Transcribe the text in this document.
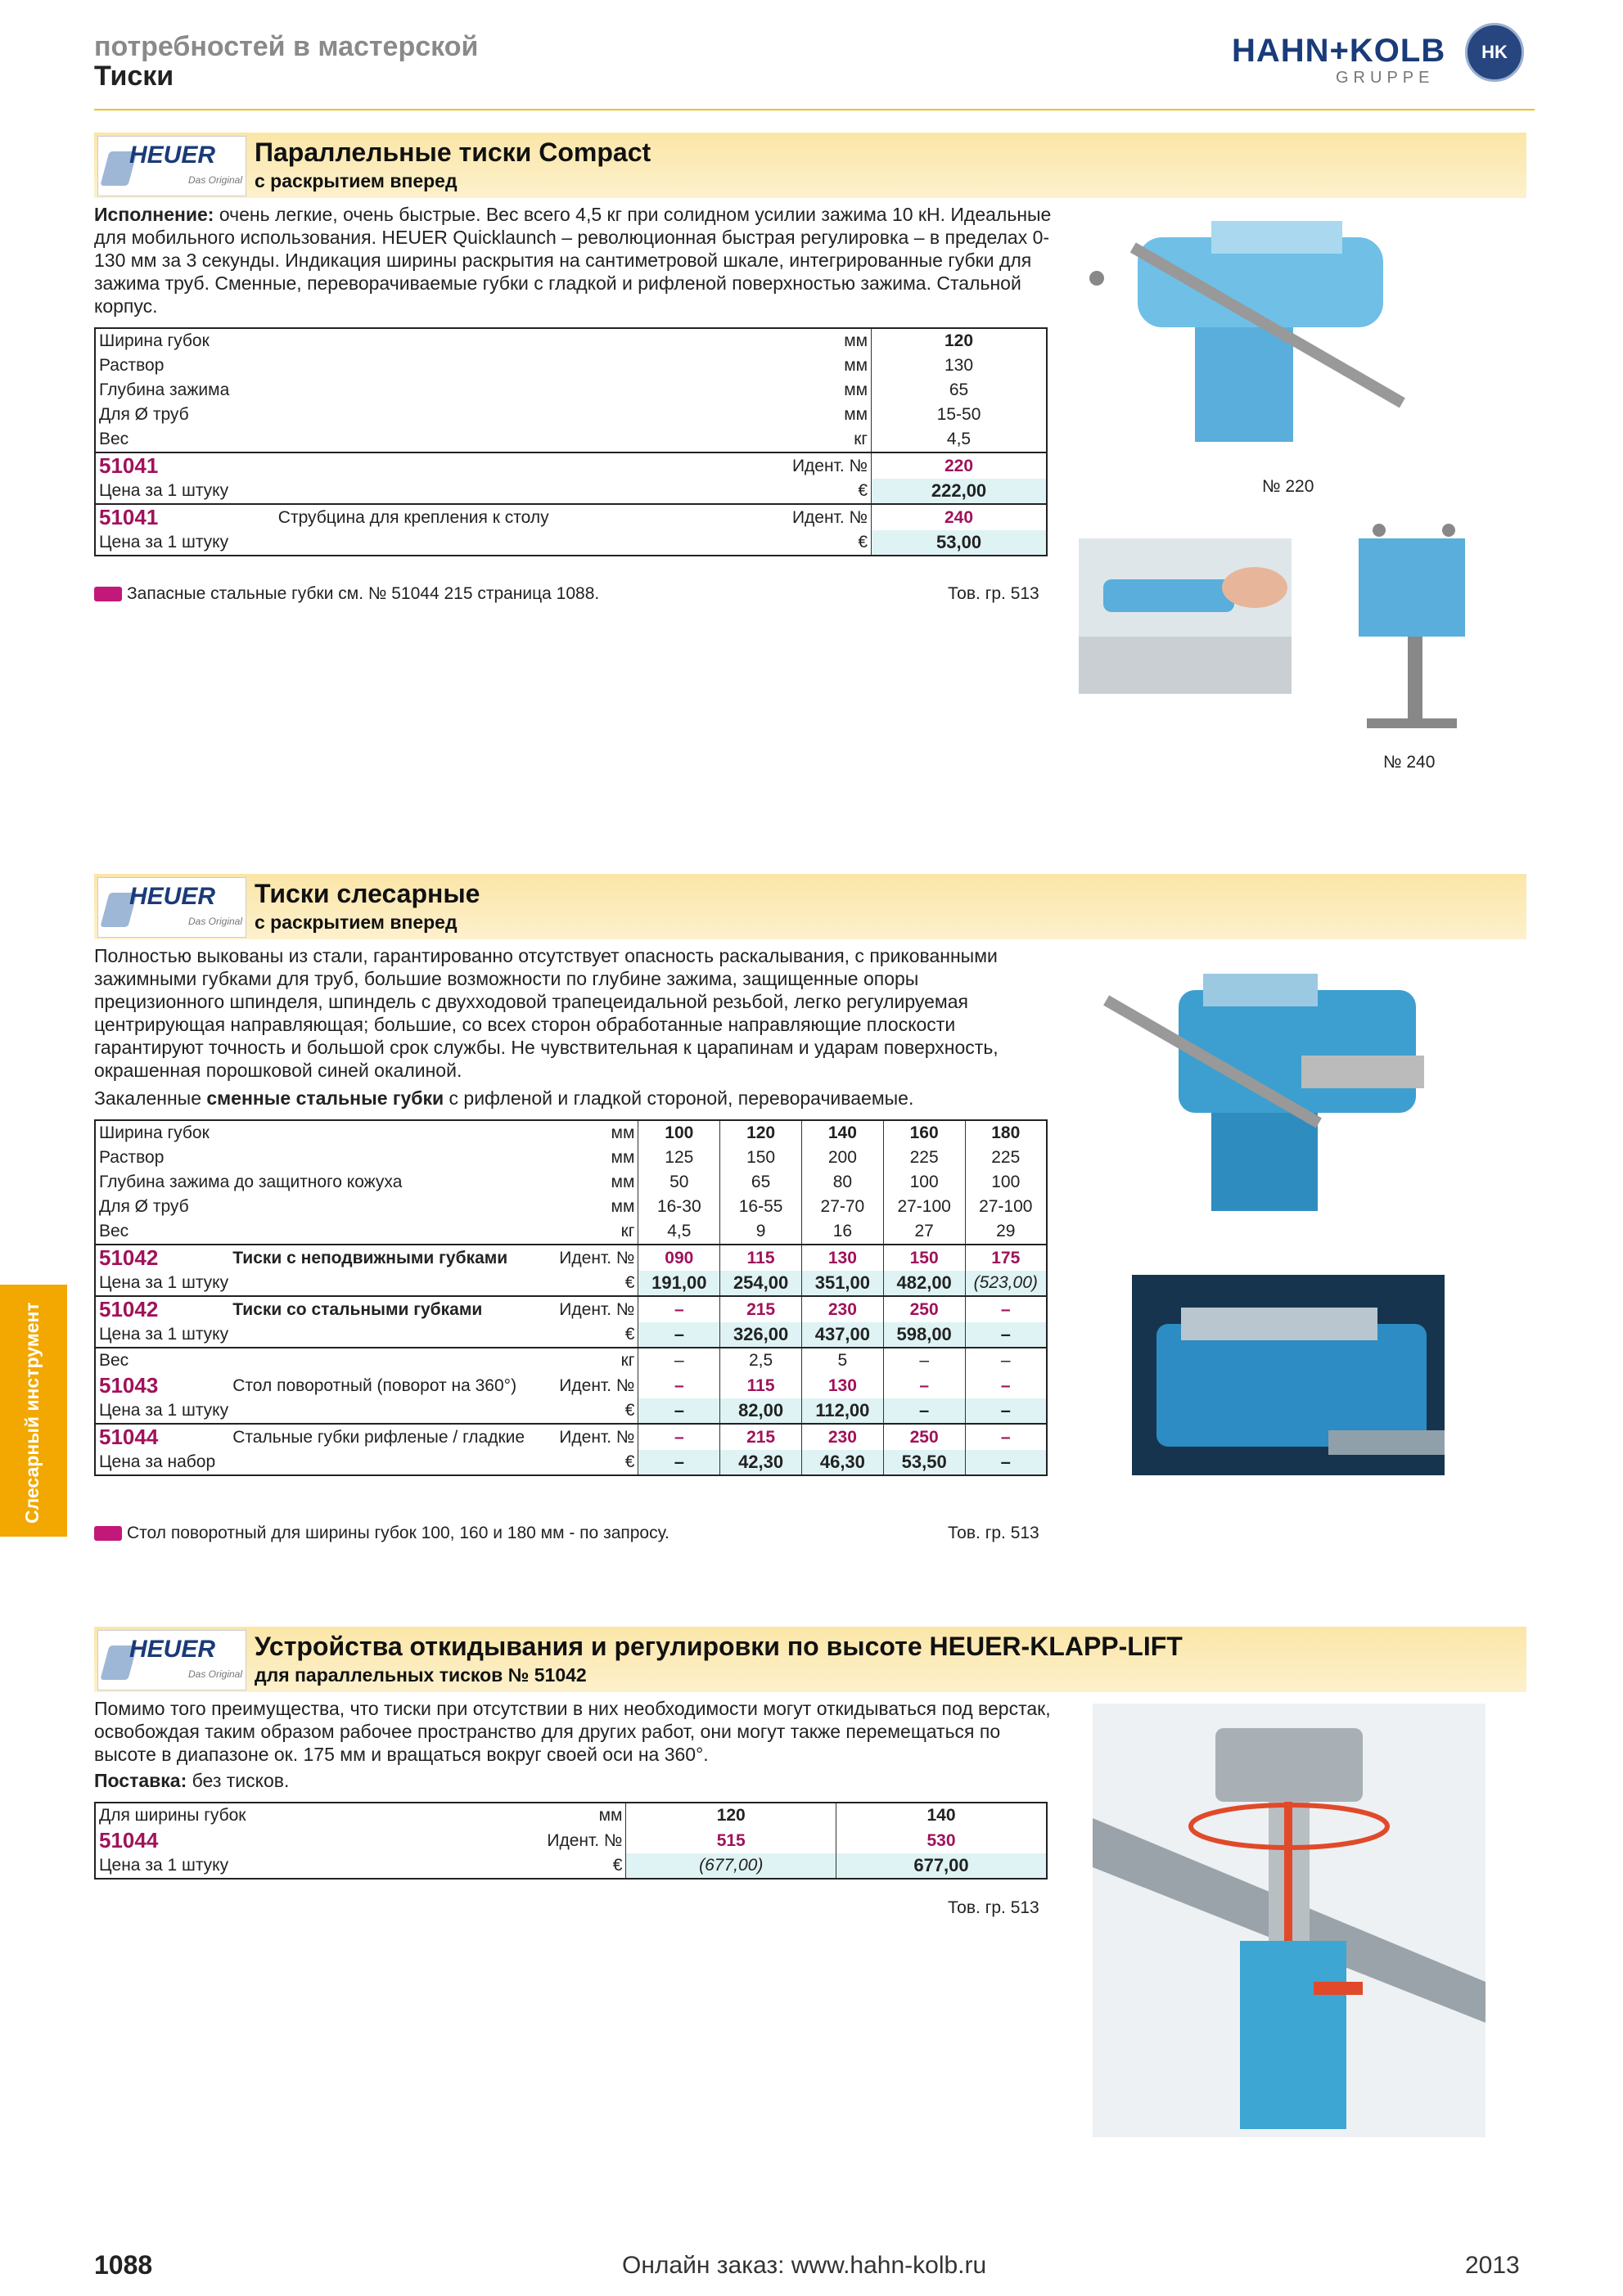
потребностей в мастерской
Тиски
HAHN+KOLB
GRUPPE
HK
Слесарный инструмент
HEUER
Das Original
Параллельные тиски Compact
с раскрытием вперед
Исполнение: очень легкие, очень быстрые. Вес всего 4,5 кг при солидном усилии зажима 10 кН. Идеальные для мобильного использования. HEUER Quicklaunch – революционная быстрая регулировка – в пределах 0-130 мм за 3 секунды. Индикация ширины раскрытия на сантиметровой шкале, интегрированные губки для зажима труб. Сменные, переворачиваемые губки с гладкой и рифленой поверхностью зажима. Стальной корпус.
Ширина губок		мм	120
Раствор		мм	130
Глубина зажима		мм	65
Для Ø труб		мм	15-50
Вес		кг	4,5
51041		Идент. №	220
Цена за 1 штуку		€	222,00
51041	Струбцина для крепления к столу	Идент. №	240
Цена за 1 штуку		€	53,00
Запасные стальные губки см. № 51044 215 страница 1088.	Тов. гр. 513
№ 220
№ 240
HEUER
Das Original
Тиски слесарные
с раскрытием вперед
Полностью выкованы из стали, гарантированно отсутствует опасность раскалывания, с прикованными зажимными губками для труб, большие возможности по глубине зажима, защищенные опоры прецизионного шпинделя, шпиндель с двухходовой трапецеидальной резьбой, легко регулируемая центрирующая направляющая; большие, со всех сторон обработанные направляющие плоскости гарантируют точность и большой срок службы. Не чувствительная к царапинам и ударам поверхность, окрашенная порошковой синей окалиной.
Закаленные сменные стальные губки с рифленой и гладкой стороной, переворачиваемые.
Ширина губок		мм	100	120	140	160	180
Раствор		мм	125	150	200	225	225
Глубина зажима до защитного кожуха		мм	50	65	80	100	100
Для Ø труб		мм	16-30	16-55	27-70	27-100	27-100
Вес		кг	4,5	9	16	27	29
51042	Тиски с неподвижными губками	Идент. №	090	115	130	150	175
Цена за 1 штуку		€	191,00	254,00	351,00	482,00	(523,00)
51042	Тиски со стальными губками	Идент. №	–	215	230	250	–
Цена за 1 штуку		€	–	326,00	437,00	598,00	–
Вес		кг	–	2,5	5	–	–
51043	Стол поворотный (поворот на 360°)	Идент. №	–	115	130	–	–
Цена за 1 штуку		€	–	82,00	112,00	–	–
51044	Стальные губки рифленые / гладкие	Идент. №	–	215	230	250	–
Цена за набор		€	–	42,30	46,30	53,50	–
Стол поворотный для ширины губок 100, 160 и 180 мм - по запросу.	Тов. гр. 513
HEUER
Das Original
Устройства откидывания и регулировки по высоте HEUER-KLAPP-LIFT
для параллельных тисков № 51042
Помимо того преимущества, что тиски при отсутствии в них необходимости могут откидываться под верстак, освобождая таким образом рабочее пространство для других работ, они могут также перемещаться по высоте в диапазоне ок. 175 мм и вращаться вокруг своей оси на 360°.
Поставка: без тисков.
Для ширины губок		мм	120	140
51044		Идент. №	515	530
Цена за 1 штуку		€	(677,00)	677,00
Тов. гр. 513
1088	Онлайн заказ: www.hahn-kolb.ru	2013
